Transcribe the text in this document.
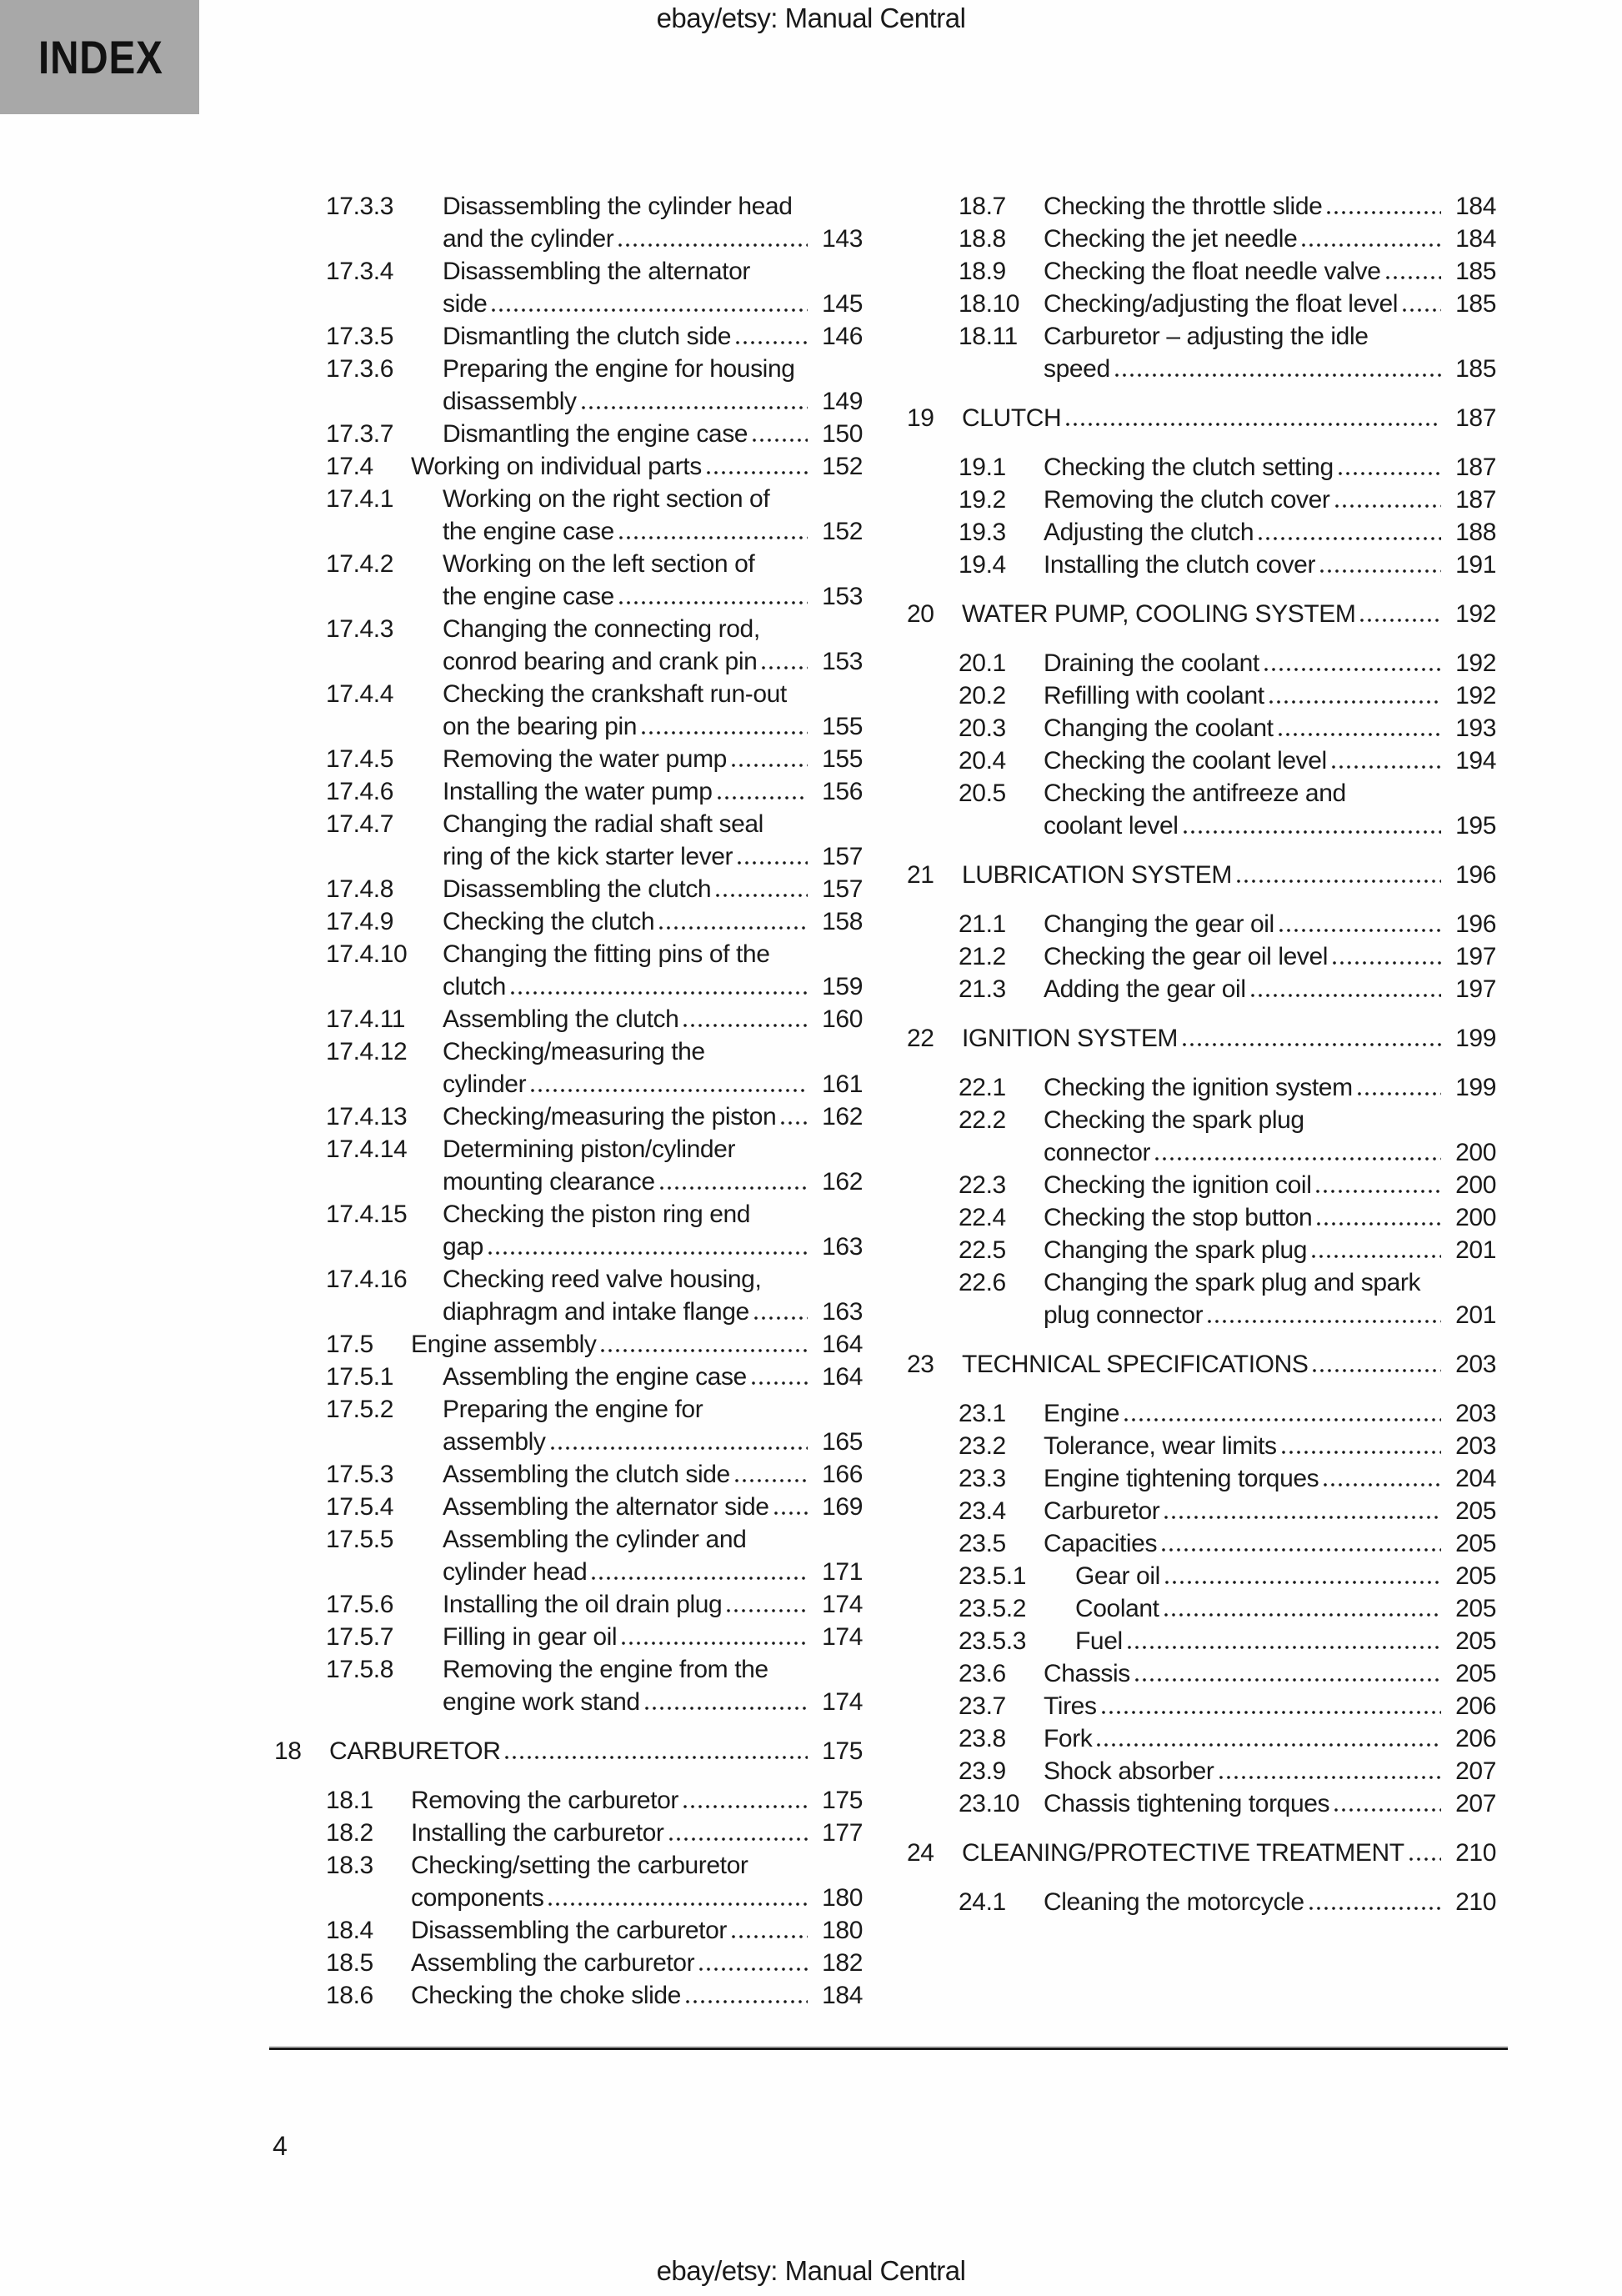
INDEX
ebay/etsy: Manual Central
17.3.3	Disassembling the cylinder head
and the cylinder	143
17.3.4	Disassembling the alternator
side	145
17.3.5	Dismantling the clutch side	146
17.3.6	Preparing the engine for housing
disassembly	149
17.3.7	Dismantling the engine case	150
17.4	Working on individual parts	152
17.4.1	Working on the right section of
the engine case	152
17.4.2	Working on the left section of
the engine case	153
17.4.3	Changing the connecting rod,
conrod bearing and crank pin	153
17.4.4	Checking the crankshaft run-out
on the bearing pin	155
17.4.5	Removing the water pump	155
17.4.6	Installing the water pump	156
17.4.7	Changing the radial shaft seal
ring of the kick starter lever	157
17.4.8	Disassembling the clutch	157
17.4.9	Checking the clutch	158
17.4.10	Changing the fitting pins of the
clutch	159
17.4.11	Assembling the clutch	160
17.4.12	Checking/measuring the
cylinder	161
17.4.13	Checking/measuring the piston 162
17.4.14	Determining piston/cylinder
mounting clearance	162
17.4.15	Checking the piston ring end
gap	163
17.4.16	Checking reed valve housing,
diaphragm and intake flange	163
17.5	Engine assembly	164
17.5.1	Assembling the engine case	164
17.5.2	Preparing the engine for
assembly	165
17.5.3	Assembling the clutch side	166
17.5.4	Assembling the alternator side 169
17.5.5	Assembling the cylinder and
cylinder head	171
17.5.6	Installing the oil drain plug	174
17.5.7	Filling in gear oil	174
17.5.8	Removing the engine from the
engine work stand	174
18	CARBURETOR	175
18.1	Removing the carburetor	175
18.2	Installing the carburetor	177
18.3	Checking/setting the carburetor
components	180
18.4	Disassembling the carburetor	180
18.5	Assembling the carburetor	182
18.6	Checking the choke slide	184
18.7	Checking the throttle slide	184
18.8	Checking the jet needle	184
18.9	Checking the float needle valve	185
18.10 Checking/adjusting the float level 185
18.11	Carburetor – adjusting the idle
speed	185
19	CLUTCH	187
19.1	Checking the clutch setting	187
19.2	Removing the clutch cover	187
19.3	Adjusting the clutch	188
19.4	Installing the clutch cover	191
20	WATER PUMP, COOLING SYSTEM	192
20.1	Draining the coolant	192
20.2	Refilling with coolant	192
20.3	Changing the coolant	193
20.4	Checking the coolant level	194
20.5	Checking the antifreeze and
coolant level	195
21	LUBRICATION SYSTEM	196
21.1	Changing the gear oil	196
21.2	Checking the gear oil level	197
21.3	Adding the gear oil	197
22	IGNITION SYSTEM	199
22.1	Checking the ignition system	199
22.2	Checking the spark plug
connector	200
22.3	Checking the ignition coil	200
22.4	Checking the stop button	200
22.5	Changing the spark plug	201
22.6	Changing the spark plug and spark
plug connector	201
23	TECHNICAL SPECIFICATIONS	203
23.1	Engine	203
23.2	Tolerance, wear limits	203
23.3	Engine tightening torques	204
23.4	Carburetor	205
23.5	Capacities	205
23.5.1	Gear oil	205
23.5.2	Coolant	205
23.5.3	Fuel	205
23.6	Chassis	205
23.7	Tires	206
23.8	Fork	206
23.9	Shock absorber	207
23.10 Chassis tightening torques	207
24	CLEANING/PROTECTIVE TREATMENT 210
24.1	Cleaning the motorcycle	210
4
ebay/etsy: Manual Central
